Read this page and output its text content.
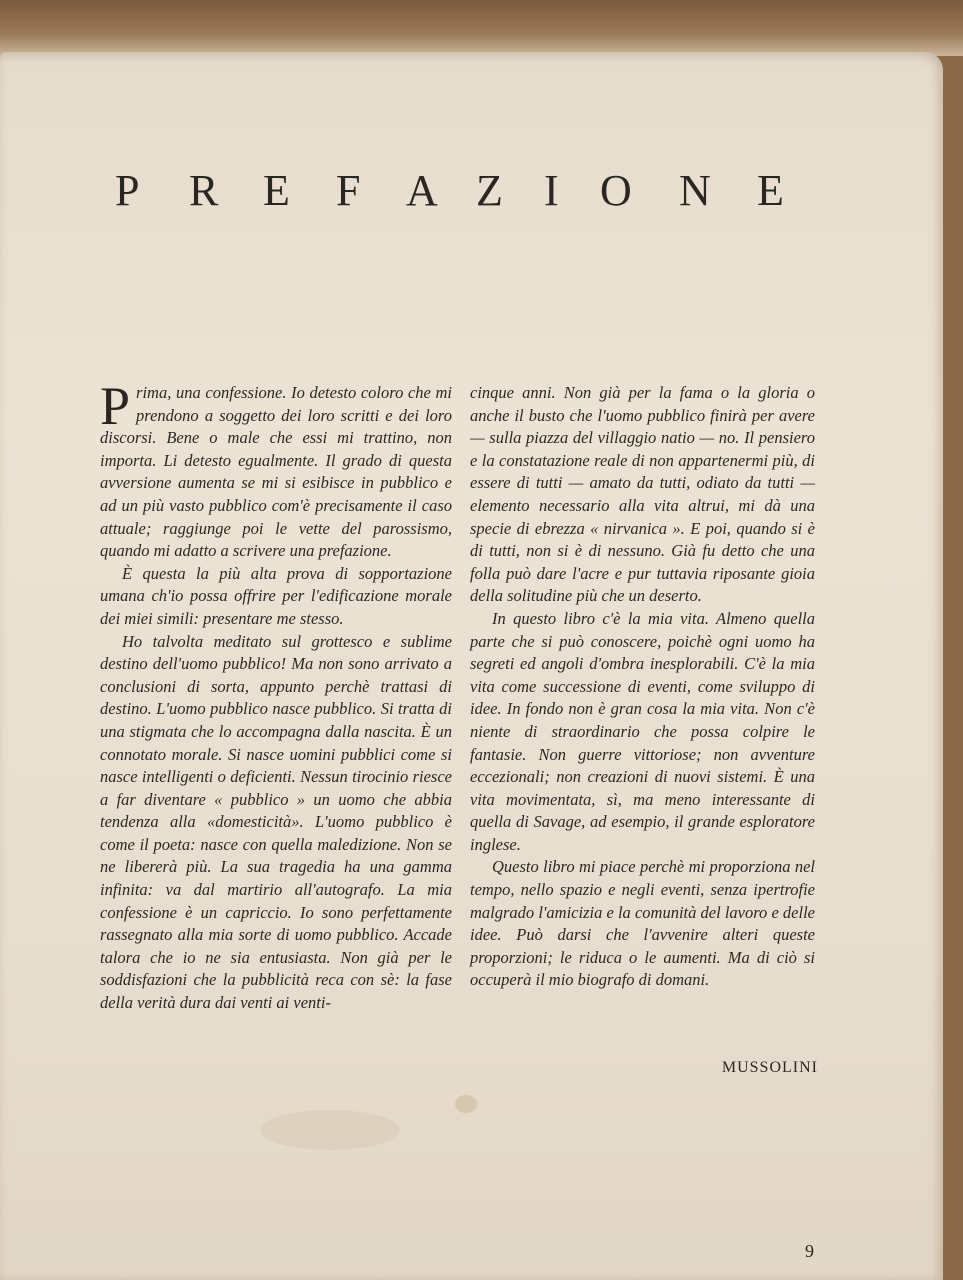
P R E F A Z I O N E

Prima, una confessione. Io detesto coloro che mi prendono a soggetto dei loro scritti e dei loro discorsi. Bene o male che essi mi trattino, non importa. Li detesto egualmente. Il grado di questa avversione aumenta se mi si esibisce in pubblico e ad un più vasto pubblico com'è precisamente il caso attuale; raggiunge poi le vette del parossismo, quando mi adatto a scrivere una prefazione.

È questa la più alta prova di sopportazione umana ch'io possa offrire per l'edificazione morale dei miei simili: presentare me stesso.

Ho talvolta meditato sul grottesco e sublime destino dell'uomo pubblico! Ma non sono arrivato a conclusioni di sorta, appunto perchè trattasi di destino. L'uomo pubblico nasce pubblico. Si tratta di una stigmata che lo accompagna dalla nascita. È un connotato morale. Si nasce uomini pubblici come si nasce intelligenti o deficienti. Nessun tirocinio riesce a far diventare « pubblico » un uomo che abbia tendenza alla «domesticità». L'uomo pubblico è come il poeta: nasce con quella maledizione. Non se ne libererà più. La sua tragedia ha una gamma infinita: va dal martirio all'autografo. La mia confessione è un capriccio. Io sono perfettamente rassegnato alla mia sorte di uomo pubblico. Accade talora che io ne sia entusiasta. Non già per le soddisfazioni che la pubblicità reca con sè: la fase della verità dura dai venti ai venti-

cinque anni. Non già per la fama o la gloria o anche il busto che l'uomo pubblico finirà per avere — sulla piazza del villaggio natio — no. Il pensiero e la constatazione reale di non appartenermi più, di essere di tutti — amato da tutti, odiato da tutti — elemento necessario alla vita altrui, mi dà una specie di ebrezza « nirvanica ». E poi, quando si è di tutti, non si è di nessuno. Già fu detto che una folla può dare l'acre e pur tuttavia riposante gioia della solitudine più che un deserto.

In questo libro c'è la mia vita. Almeno quella parte che si può conoscere, poichè ogni uomo ha segreti ed angoli d'ombra inesplorabili. C'è la mia vita come successione di eventi, come sviluppo di idee. In fondo non è gran cosa la mia vita. Non c'è niente di straordinario che possa colpire le fantasie. Non guerre vittoriose; non avventure eccezionali; non creazioni di nuovi sistemi. È una vita movimentata, sì, ma meno interessante di quella di Savage, ad esempio, il grande esploratore inglese.

Questo libro mi piace perchè mi proporziona nel tempo, nello spazio e negli eventi, senza ipertrofie malgrado l'amicizia e la comunità del lavoro e delle idee. Può darsi che l'avvenire alteri queste proporzioni; le riduca o le aumenti. Ma di ciò si occuperà il mio biografo di domani.

MUSSOLINI
9
